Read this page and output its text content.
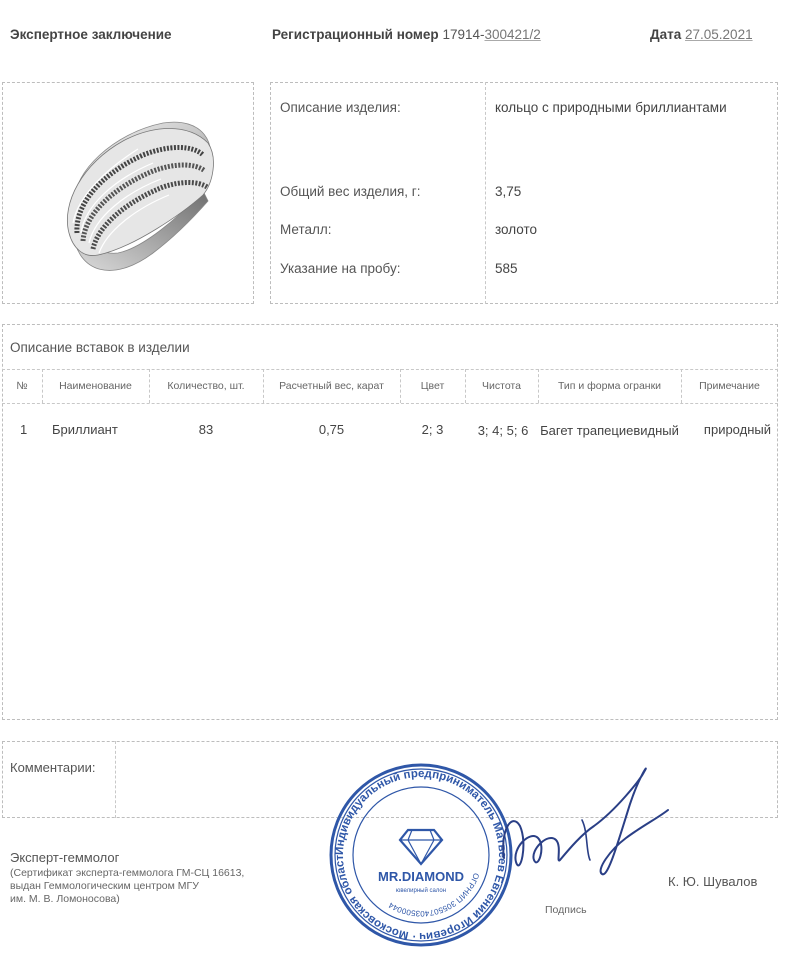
Экспертное заключение	Регистрационный номер 17914-300421/2	Дата 27.05.2021
Описание изделия:	кольцо с природными бриллиантами
Общий вес изделия, г:	3,75
Металл:	золото
Указание на пробу:	585
Описание вставок в изделии
№	Наименование	Количество, шт.	Расчетный вес, карат	Цвет	Чистота	Тип и форма огранки	Примечание
1 Бриллиант	83	0,75	2; 3	3; 4; 5; 6 Багет трапециевидный	природный
Комментарии:
Эксперт-геммолог
(Сертификат эксперта-геммолога ГМ-СЦ 16613,
выдан Геммологическим центром МГУ
им. М. В. Ломоносова)
Подпись
К. Ю. Шувалов
Индивидуальный предприниматель Матвеев Евгений Игоревич · Московская област
ОГРНИП 305507403500044
MR.DIAMOND
ювелирный салон
